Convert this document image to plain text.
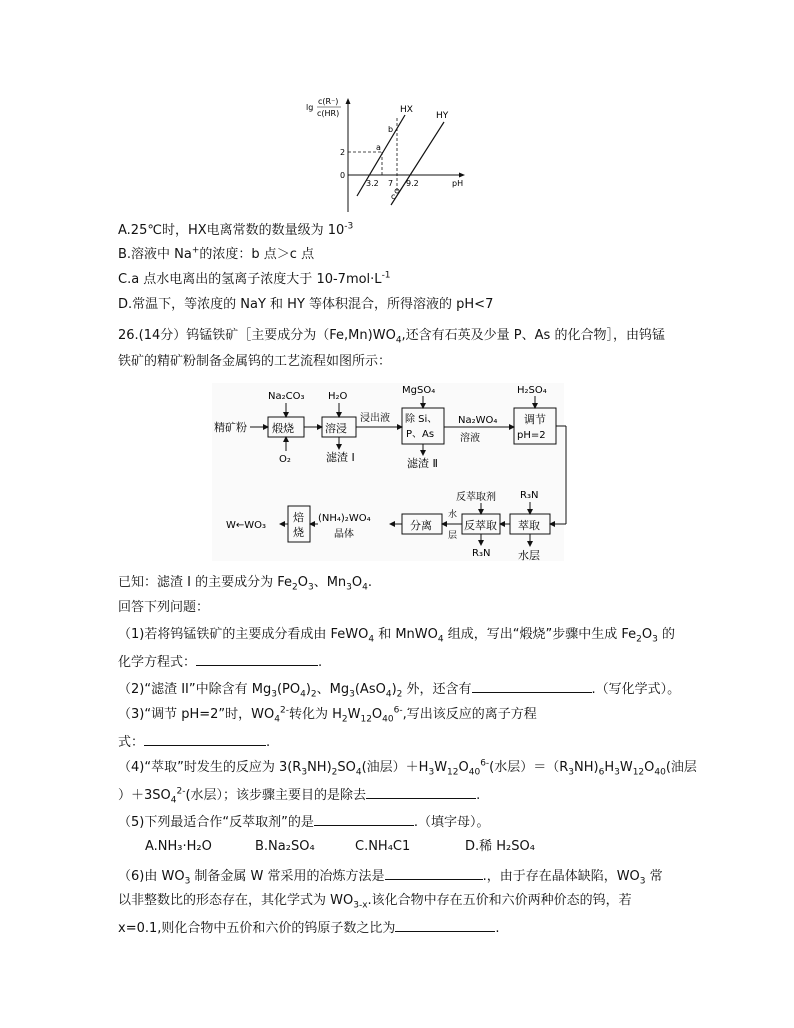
lg
c(R⁻)
c(HR)
pH
2
0
3.2 7 9.2
HX
HY
a
b
c
A.25℃时，HX电离常数的数量级为 $10^{-3}$
B.溶液中 Na+的浓度：b 点＞c 点
C.a 点水电离出的氢离子浓度大于 $10-7mol\cdot L^{-1}$
D.常温下，等浓度的 NaY 和 HY 等体积混合，所得溶液的 pH<7
26.(14分）钨锰铁矿［主要成分为$(Fe,Mn)WO_4$,还含有石英及少量 P、As 的化合物］，由钨锰
铁矿的精矿粉制备金属钨的工艺流程如图所示：
精矿粉 煅烧
Na₂CO₃
O₂
溶浸
H₂O
滤渣 Ⅰ
浸出液 除 Si、
P、As
MgSO₄
滤渣 Ⅱ
Na₂WO₄
溶液
调节
pH=2
H₂SO₄
萃取
R₃N
水层
反萃取
反萃取剂
R₃N
水
层
分离
(NH₄)₂WO₄
晶体
焙
烧
W←WO₃
已知：滤渣 I 的主要成分为 $Fe_2O_3$、$Mn_3O_4$.
回答下列问题：
（1)若将钨锰铁矿的主要成分看成由 FeWO$_4$ 和 MnWO$_4$ 组成，写出“煅烧”步骤中生成 $Fe_2O_3$ 的
化学方程式：	.
（2)“滤渣 II”中除含有 $Mg_3(PO_4)_2$、$Mg_3(AsO_4)_2$ 外，还含有	.（写化学式）。
（3)“调节 pH=2”时，$WO_4^{2-}$转化为 $H_2W_{12}O_{40}^{6-}$,写出该反应的离子方程
式：	.
（4)“萃取”时发生的反应为 $3(R_3NH)_2SO_4$(油层）$+H_3W_{12}O_{40}^{6-}$(水层）$=(R_3NH)_6H_3W_{12}O_{40}$(油层
）$+3SO_4^{2-}$(水层）；该步骤主要目的是除去	.
（5)下列最适合作“反萃取剂”的是	.（填字母）。
A.NH₃·H₂O	B.Na₂SO₄	C.NH₄C1	D.稀 H₂SO₄
（6)由 $WO_3$ 制备金属 W 常采用的冶炼方法是	.，由于存在晶体缺陷，$WO_3$ 常
以非整数比的形态存在，其化学式为 $WO_{3-x}$.该化合物中存在五价和六价两种价态的钨，若
x=0.1,则化合物中五价和六价的钨原子数之比为	.
